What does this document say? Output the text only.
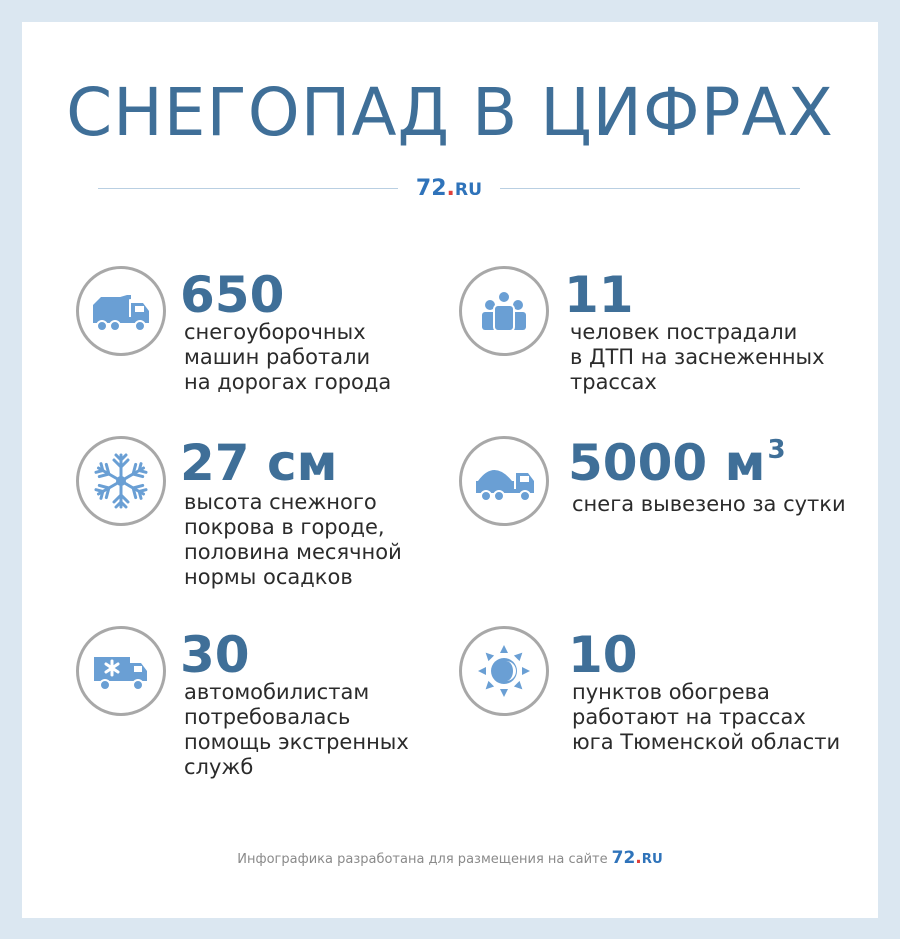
СНЕГОПАД В ЦИФРАХ
72.RU
650
снегоуборочных
машин работали
на дорогах города
11
человек пострадали
в ДТП на заснеженных
трассах
27 см
высота снежного
покрова в городе,
половина месячной
нормы осадков
5000 $м^3$
снега вывезено за сутки
30
автомобилистам
потребовалась
помощь экстренных
служб
10
пунктов обогрева
работают на трассах
юга Тюменской области
Инфографика разработана для размещения на сайте 72.RU
